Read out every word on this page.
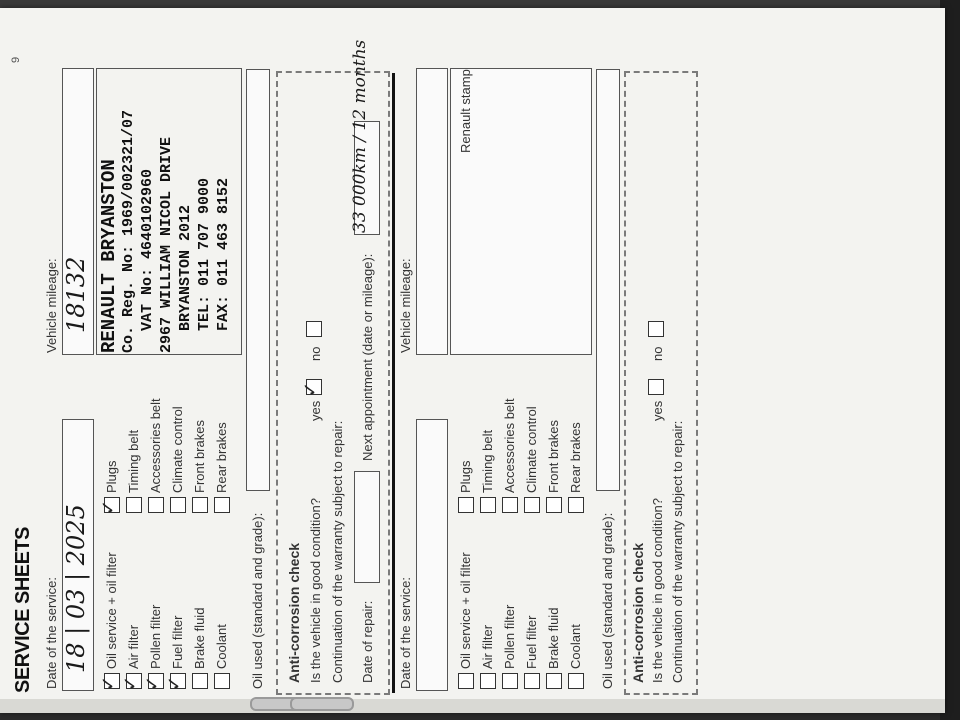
SERVICE SHEETS Date of the service: 18 | 03 | 2025
Vehicle mileage: 18132
✓
Oil service + oil filter
✓
Air filter
✓
Pollen filter
✓
Fuel filter Brake fluid Coolant
✓
Plugs Timing belt Accessories belt Climate control Front brakes Rear brakes
RENAULT BRYANSTON Co. Reg. No: 1969/002321/07 VAT No: 4640102960 2967 WILLIAM NICOL DRIVE BRYANSTON 2012 TEL: 011 707 9000 FAX: 011 463 8152
Oil used (standard and grade): Anti-corrosion check Is the vehicle in good condition?
yes
✓
no
Continuation of the warranty subject to repair: Date of repair:
Next appointment (date or mileage):
33 000km / 12 months
Date of the service:
Vehicle mileage:
Oil service + oil filter Air filter Pollen filter Fuel filter Brake fluid Coolant
Plugs Timing belt Accessories belt Climate control Front brakes Rear brakes
Renault stamp
Oil used (standard and grade): Anti-corrosion check Is the vehicle in good condition?
yes
no
Continuation of the warranty subject to repair:
9
